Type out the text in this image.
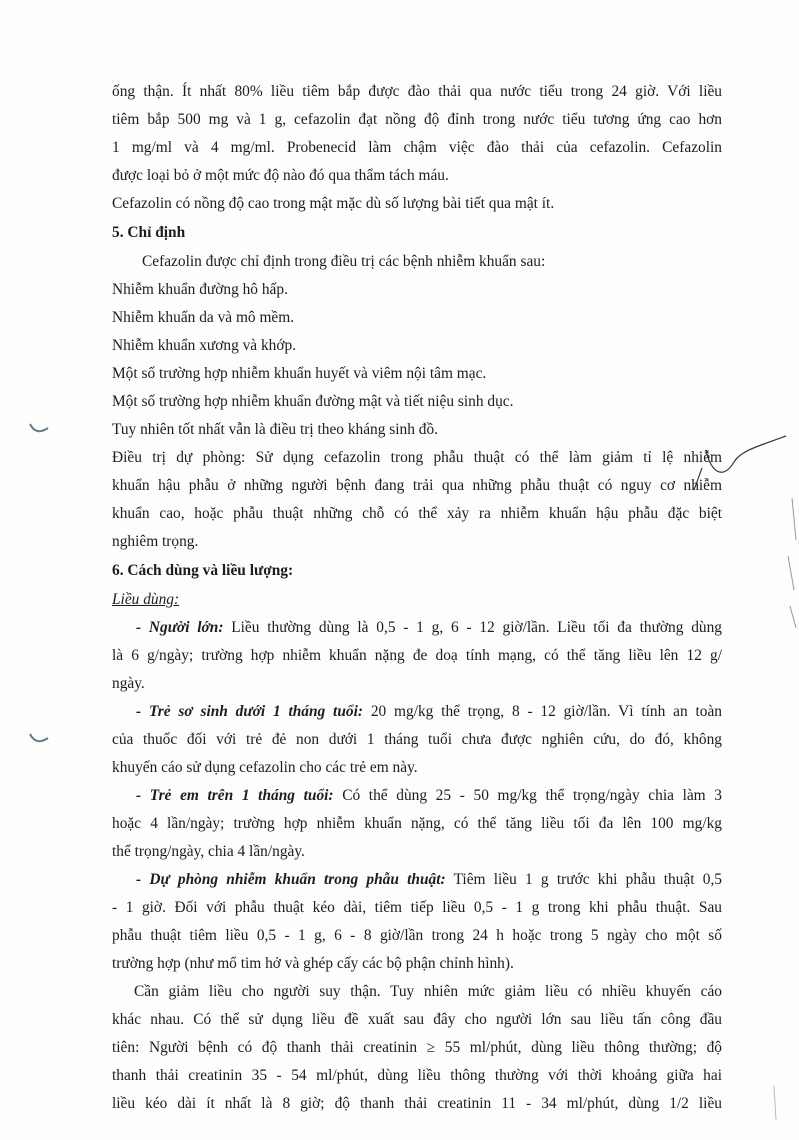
ống thận. Ít nhất 80% liều tiêm bắp được đào thải qua nước tiểu trong 24 giờ. Với liều
tiêm bắp 500 mg và 1 g, cefazolin đạt nồng độ đỉnh trong nước tiểu tương ứng cao hơn
1 mg/ml và 4 mg/ml. Probenecid làm chậm việc đào thải của cefazolin. Cefazolin
được loại bỏ ở một mức độ nào đó qua thẩm tách máu.
Cefazolin có nồng độ cao trong mật mặc dù số lượng bài tiết qua mật ít.
5. Chỉ định
Cefazolin được chỉ định trong điều trị các bệnh nhiễm khuẩn sau:
Nhiễm khuẩn đường hô hấp.
Nhiễm khuẩn da và mô mềm.
Nhiễm khuẩn xương và khớp.
Một số trường hợp nhiễm khuẩn huyết và viêm nội tâm mạc.
Một số trường hợp nhiễm khuẩn đường mật và tiết niệu sinh dục.
Tuy nhiên tốt nhất vẫn là điều trị theo kháng sinh đồ.
Điều trị dự phòng: Sử dụng cefazolin trong phẫu thuật có thể làm giảm tỉ lệ nhiễm
khuẩn hậu phẫu ở những người bệnh đang trải qua những phẫu thuật có nguy cơ nhiễm
khuẩn cao, hoặc phẫu thuật những chỗ có thể xảy ra nhiễm khuẩn hậu phẫu đặc biệt
nghiêm trọng.
6. Cách dùng và liều lượng:
Liều dùng:
- Người lớn: Liều thường dùng là 0,5 - 1 g, 6 - 12 giờ/lần. Liều tối đa thường dùng
là 6 g/ngày; trường hợp nhiễm khuẩn nặng đe doạ tính mạng, có thể tăng liều lên 12 g/
ngày.
- Trẻ sơ sinh dưới 1 tháng tuổi: 20 mg/kg thể trọng, 8 - 12 giờ/lần. Vì tính an toàn
của thuốc đối với trẻ đẻ non dưới 1 tháng tuổi chưa được nghiên cứu, do đó, không
khuyến cáo sử dụng cefazolin cho các trẻ em này.
- Trẻ em trên 1 tháng tuổi: Có thể dùng 25 - 50 mg/kg thể trọng/ngày chia làm 3
hoặc 4 lần/ngày; trường hợp nhiễm khuẩn nặng, có thể tăng liều tối đa lên 100 mg/kg
thể trọng/ngày, chia 4 lần/ngày.
- Dự phòng nhiễm khuẩn trong phẫu thuật: Tiêm liều 1 g trước khi phẫu thuật 0,5
- 1 giờ. Đối với phẫu thuật kéo dài, tiêm tiếp liều 0,5 - 1 g trong khi phẫu thuật. Sau
phẫu thuật tiêm liều 0,5 - 1 g, 6 - 8 giờ/lần trong 24 h hoặc trong 5 ngày cho một số
trường hợp (như mổ tim hở và ghép cấy các bộ phận chỉnh hình).
Cần giảm liều cho người suy thận. Tuy nhiên mức giảm liều có nhiều khuyến cáo
khác nhau. Có thể sử dụng liều đề xuất sau đây cho người lớn sau liều tấn công đầu
tiên: Người bệnh có độ thanh thải creatinin ≥ 55 ml/phút, dùng liều thông thường; độ
thanh thải creatinin 35 - 54 ml/phút, dùng liều thông thường với thời khoảng giữa hai
liều kéo dài ít nhất là 8 giờ; độ thanh thải creatinin 11 - 34 ml/phút, dùng 1/2 liều
